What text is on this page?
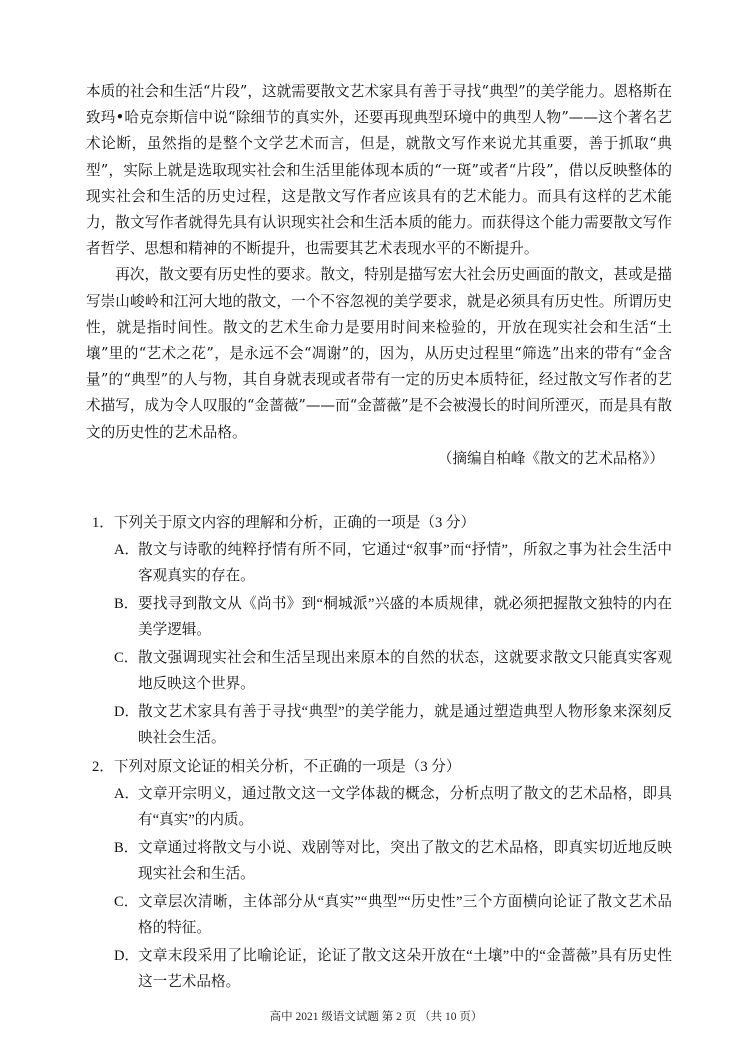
本质的社会和生活“片段”，这就需要散文艺术家具有善于寻找“典型”的美学能力。恩格斯在致玛•哈克奈斯信中说“除细节的真实外，还要再现典型环境中的典型人物”——这个著名艺术论断，虽然指的是整个文学艺术而言，但是，就散文写作来说尤其重要，善于抓取“典型”，实际上就是选取现实社会和生活里能体现本质的“一斑”或者“片段”，借以反映整体的现实社会和生活的历史过程，这是散文写作者应该具有的艺术能力。而具有这样的艺术能力，散文写作者就得先具有认识现实社会和生活本质的能力。而获得这个能力需要散文写作者哲学、思想和精神的不断提升，也需要其艺术表现水平的不断提升。

再次，散文要有历史性的要求。散文，特别是描写宏大社会历史画面的散文，甚或是描写崇山峻岭和江河大地的散文，一个不容忽视的美学要求，就是必须具有历史性。所谓历史性，就是指时间性。散文的艺术生命力是要用时间来检验的，开放在现实社会和生活“土壤”里的“艺术之花”，是永远不会“凋谢”的，因为，从历史过程里“筛选”出来的带有“金含量”的“典型”的人与物，其自身就表现或者带有一定的历史本质特征，经过散文写作者的艺术描写，成为令人叹服的“金蔷薇”——而“金蔷薇”是不会被漫长的时间所湮灭，而是具有散文的历史性的艺术品格。

（摘编自柏峰《散文的艺术品格》）

1．下列关于原文内容的理解和分析，正确的一项是（3 分）

A．
散文与诗歌的纯粹抒情有所不同，它通过“叙事”而“抒情”，所叙之事为社会生活中客观真实的存在。

B． 要找寻到散文从《尚书》到“桐城派”兴盛的本质规律，就必须把握散文独特的内在美学逻辑。

C． 散文强调现实社会和生活呈现出来原本的自然的状态，这就要求散文只能真实客观地反映这个世界。

D．
散文艺术家具有善于寻找“典型”的美学能力，就是通过塑造典型人物形象来深刻反映社会生活。

2．下列对原文论证的相关分析，不正确的一项是（3 分）

A．
文章开宗明义，通过散文这一文学体裁的概念，分析点明了散文的艺术品格，即具有“真实”的内质。

B． 文章通过将散文与小说、戏剧等对比，突出了散文的艺术品格，即真实切近地反映现实社会和生活。

C． 文章层次清晰，主体部分从“真实”“典型”“历史性”三个方面横向论证了散文艺术品格的特征。

D．
文章末段采用了比喻论证，论证了散文这朵开放在“土壤”中的“金蔷薇”具有历史性这一艺术品格。

高中 2021 级语文试题 第 2 页 （共 10 页）
